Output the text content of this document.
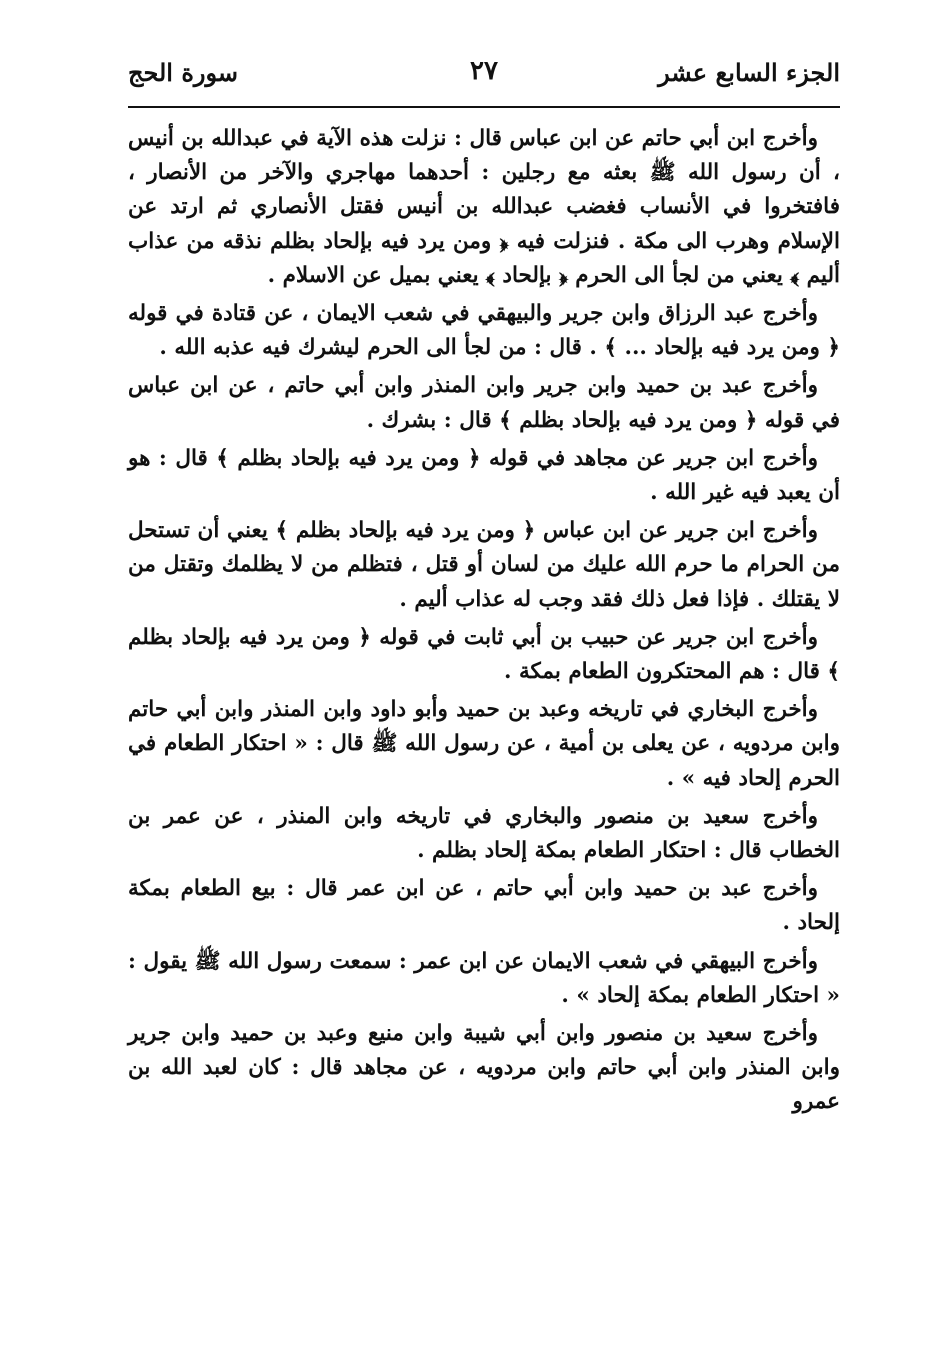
الجزء السابع عشر
٢٧
سورة الحج

وأخرج ابن أبي حاتم عن ابن عباس قال : نزلت هذه الآية في عبدالله بن أنيس ، أن رسول الله ﷺ بعثه مع رجلين : أحدهما مهاجري والآخر من الأنصار ، فافتخروا في الأنساب فغضب عبدالله بن أنيس فقتل الأنصاري ثم ارتد عن الإسلام وهرب الى مكة . فنزلت فيه ﴿ ومن يرد فيه بإلحاد بظلم نذقه من عذاب أليم ﴾ يعني من لجأ الى الحرم ﴿ بإلحاد ﴾ يعني بميل عن الاسلام .

وأخرج عبد الرزاق وابن جرير والبيهقي في شعب الايمان ، عن قتادة في قوله ﴿ ومن يرد فيه بإلحاد ... ﴾ . قال : من لجأ الى الحرم ليشرك فيه عذبه الله .

وأخرج عبد بن حميد وابن جرير وابن المنذر وابن أبي حاتم ، عن ابن عباس في قوله ﴿ ومن يرد فيه بإلحاد بظلم ﴾ قال : بشرك .

وأخرج ابن جرير عن مجاهد في قوله ﴿ ومن يرد فيه بإلحاد بظلم ﴾ قال : هو أن يعبد فيه غير الله .

وأخرج ابن جرير عن ابن عباس ﴿ ومن يرد فيه بإلحاد بظلم ﴾ يعني أن تستحل من الحرام ما حرم الله عليك من لسان أو قتل ، فتظلم من لا يظلمك وتقتل من لا يقتلك . فإذا فعل ذلك فقد وجب له عذاب أليم .

وأخرج ابن جرير عن حبيب بن أبي ثابت في قوله ﴿ ومن يرد فيه بإلحاد بظلم ﴾ قال : هم المحتكرون الطعام بمكة .

وأخرج البخاري في تاريخه وعبد بن حميد وأبو داود وابن المنذر وابن أبي حاتم وابن مردويه ، عن يعلى بن أمية ، عن رسول الله ﷺ قال : « احتكار الطعام في الحرم إلحاد فيه » .

وأخرج سعيد بن منصور والبخاري في تاريخه وابن المنذر ، عن عمر بن الخطاب قال : احتكار الطعام بمكة إلحاد بظلم .

وأخرج عبد بن حميد وابن أبي حاتم ، عن ابن عمر قال : بيع الطعام بمكة إلحاد .

وأخرج البيهقي في شعب الايمان عن ابن عمر : سمعت رسول الله ﷺ يقول : « احتكار الطعام بمكة إلحاد » .

وأخرج سعيد بن منصور وابن أبي شيبة وابن منيع وعبد بن حميد وابن جرير وابن المنذر وابن أبي حاتم وابن مردويه ، عن مجاهد قال : كان لعبد الله بن عمرو
